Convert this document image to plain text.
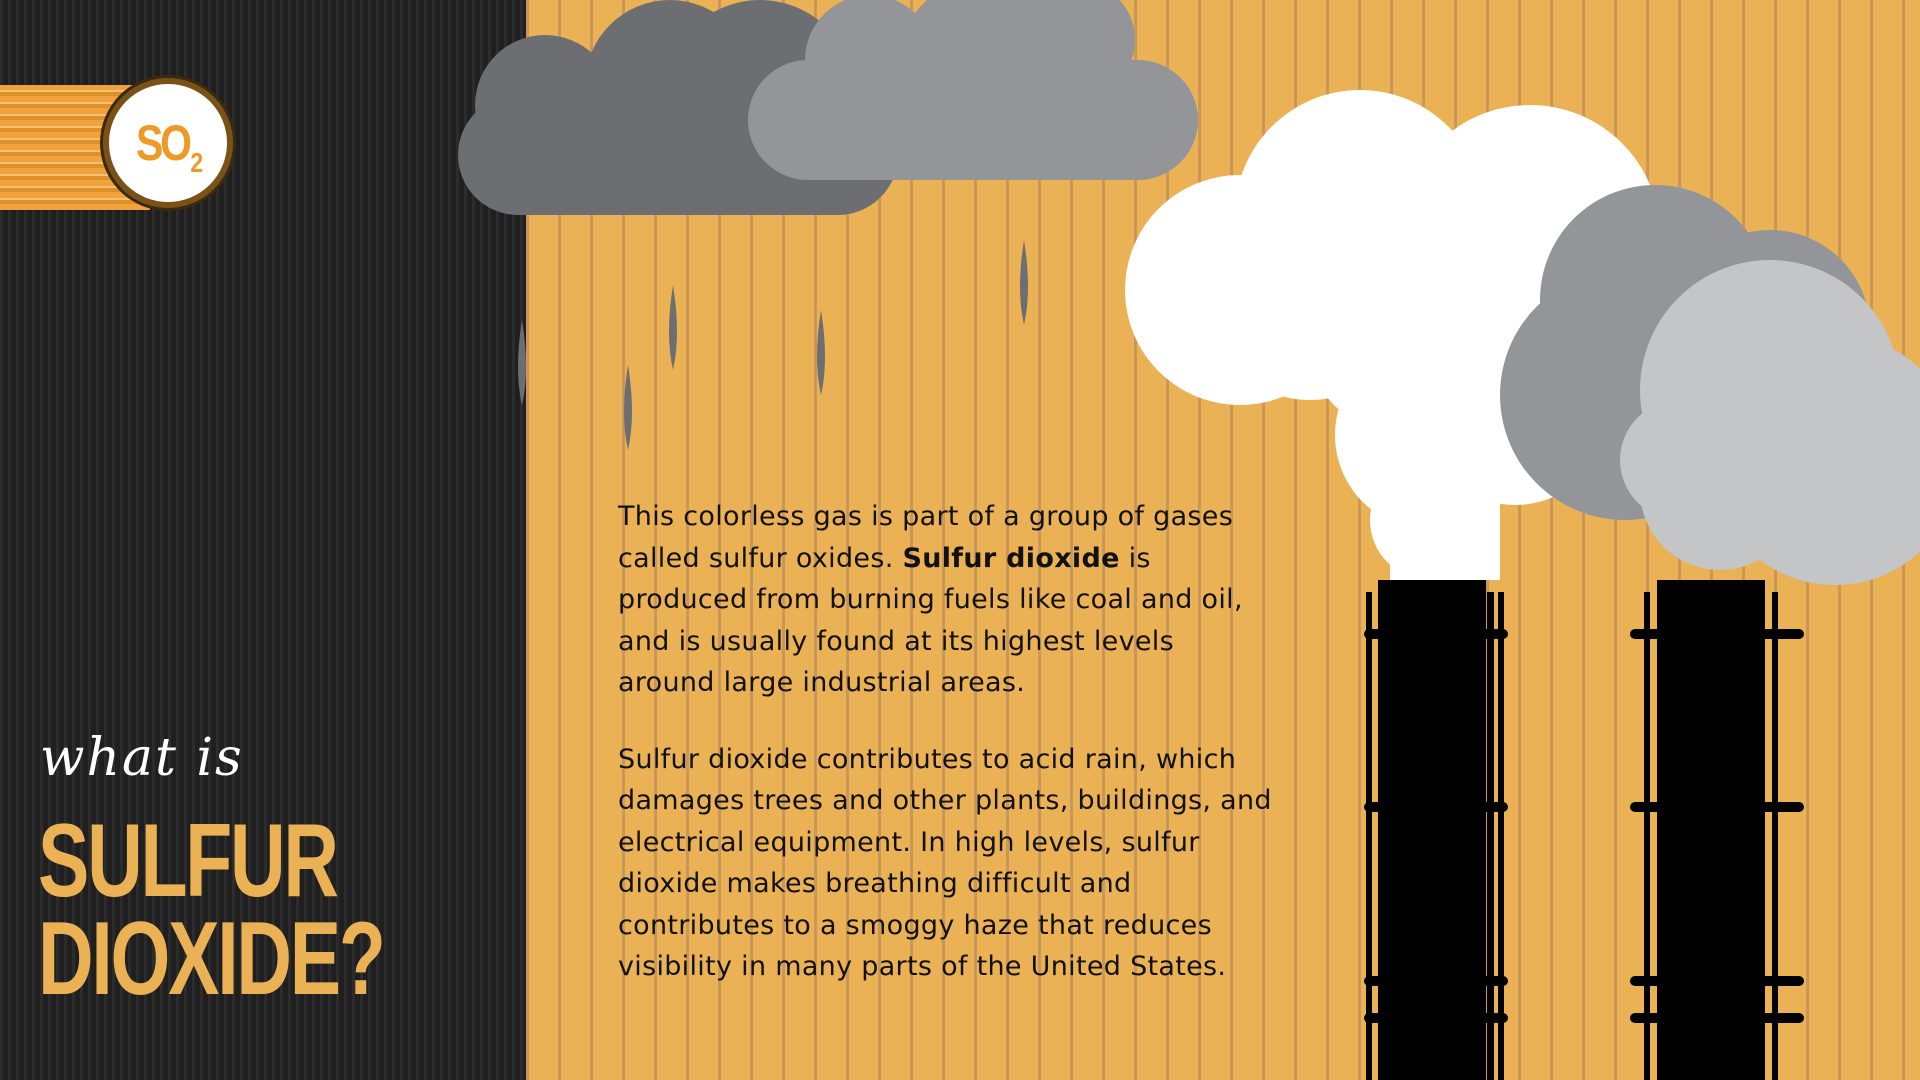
$SO_2$
what is
SULFUR
DIOXIDE?

This colorless gas is part of a group of gases called sulfur oxides. Sulfur dioxide is produced from burning fuels like coal and oil, and is usually found at its highest levels around large industrial areas.

Sulfur dioxide contributes to acid rain, which damages trees and other plants, buildings, and electrical equipment. In high levels, sulfur dioxide makes breathing difficult and contributes to a smoggy haze that reduces visibility in many parts of the United States.
